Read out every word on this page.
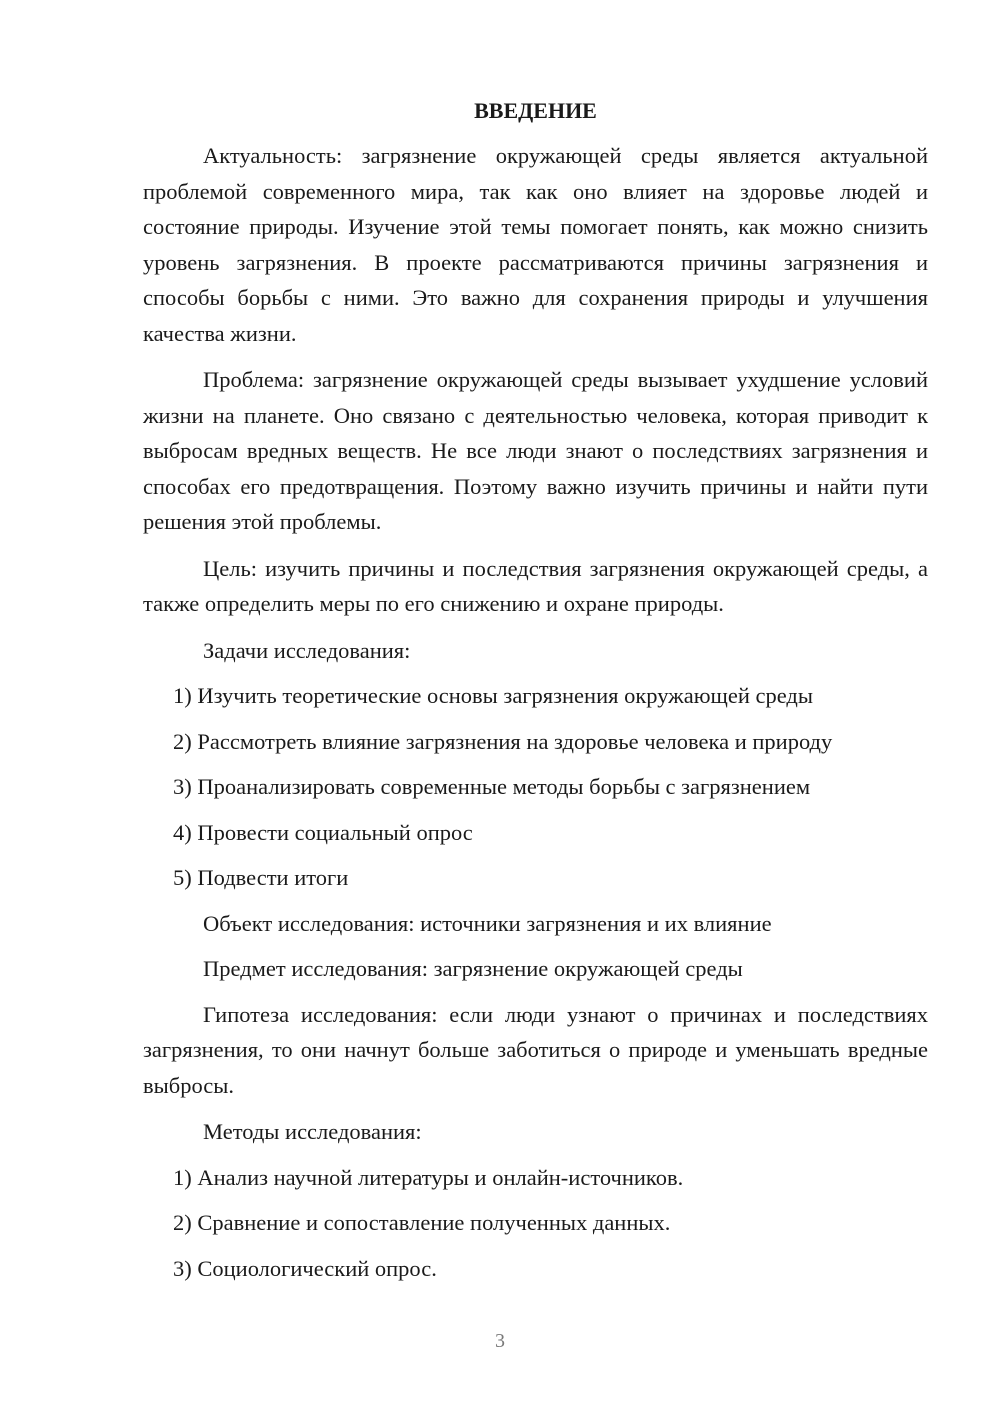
ВВЕДЕНИЕ

Актуальность: загрязнение окружающей среды является актуальной проблемой современного мира, так как оно влияет на здоровье людей и состояние природы. Изучение этой темы помогает понять, как можно снизить уровень загрязнения. В проекте рассматриваются причины загрязнения и способы борьбы с ними. Это важно для сохранения природы и улучшения качества жизни.

Проблема: загрязнение окружающей среды вызывает ухудшение условий жизни на планете. Оно связано с деятельностью человека, которая приводит к выбросам вредных веществ. Не все люди знают о последствиях загрязнения и способах его предотвращения. Поэтому важно изучить причины и найти пути решения этой проблемы.

Цель: изучить причины и последствия загрязнения окружающей среды, а также определить меры по его снижению и охране природы.

Задачи исследования:
1) Изучить теоретические основы загрязнения окружающей среды
2) Рассмотреть влияние загрязнения на здоровье человека и природу
3) Проанализировать современные методы борьбы с загрязнением
4) Провести социальный опрос
5) Подвести итоги
Объект исследования: источники загрязнения и их влияние
Предмет исследования: загрязнение окружающей среды

Гипотеза исследования: если люди узнают о причинах и последствиях загрязнения, то они начнут больше заботиться о природе и уменьшать вредные выбросы.

Методы исследования:
1) Анализ научной литературы и онлайн-источников.
2) Сравнение и сопоставление полученных данных.
3) Социологический опрос.
3
